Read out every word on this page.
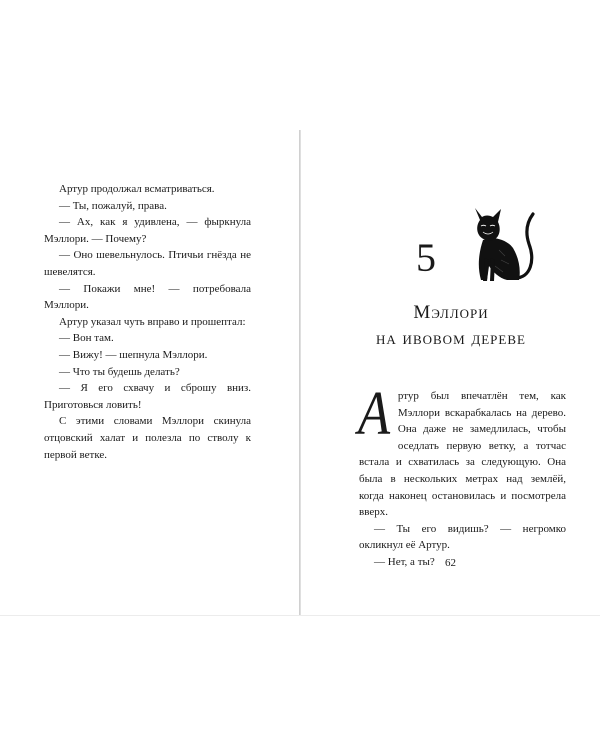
Артур продолжал всматриваться.

— Ты, пожалуй, права.

— Ах, как я удивлена, — фыркнула Мэллори. — Почему?

— Оно шевельнулось. Птичьи гнёзда не шевелятся.

— Покажи мне! — потребовала Мэллори.

Артур указал чуть вправо и прошептал:

— Вон там.

— Вижу! — шепнула Мэллори.

— Что ты будешь делать?

— Я его схвачу и сброшу вниз. Приготовься ловить!

С этими словами Мэллори скинула отцовский халат и полезла по стволу к первой ветке.

5
Мэллори
на ивовом дереве

Артур был впечатлён тем, как Мэллори вскарабкалась на дерево. Она даже не замедлилась, чтобы оседлать первую ветку, а тотчас встала и схватилась за следующую. Она была в нескольких метрах над землёй, когда наконец остановилась и посмотрела вверх.

— Ты его видишь? — негромко окликнул её Артур.

— Нет, а ты? 62
